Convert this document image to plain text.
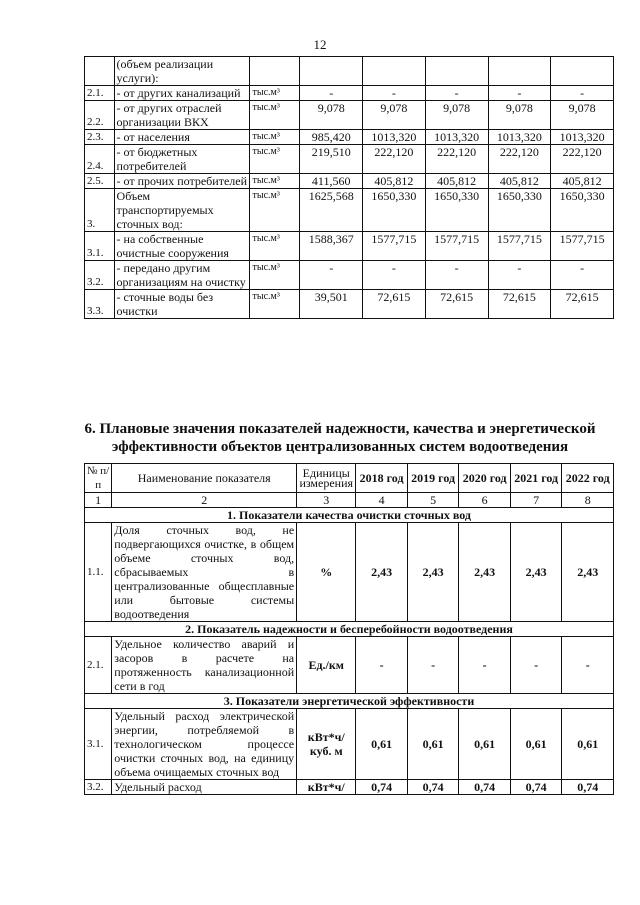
12
	(объем реализации услуги):						
2.1.	- от других канализаций	тыс.м³	-	-	-	-	-
2.2.	- от других отраслей организации ВКХ	тыс.м³	9,078	9,078	9,078	9,078	9,078
2.3.	- от населения	тыс.м³	985,420	1013,320	1013,320	1013,320	1013,320
2.4.	- от бюджетных потребителей	тыс.м³	219,510	222,120	222,120	222,120	222,120
2.5.	- от прочих потребителей	тыс.м³	411,560	405,812	405,812	405,812	405,812
3.	Объем транспортируемых сточных вод:	тыс.м³	1625,568	1650,330	1650,330	1650,330	1650,330
3.1.	- на собственные очистные сооружения	тыс.м³	1588,367	1577,715	1577,715	1577,715	1577,715
3.2.	- передано другим организациям на очистку	тыс.м³	-	-	-	-	-
3.3.	- сточные воды без очистки	тыс.м³	39,501	72,615	72,615	72,615	72,615
6. Плановые значения показателей надежности, качества и энергетической эффективности объектов централизованных систем водоотведения
№ п/п	Наименование показателя	Единицы измерения	2018 год	2019 год	2020 год	2021 год	2022 год
1	2	3	4	5	6	7	8
1. Показатели качества очистки сточных вод							
1.1.	Доля сточных вод, не подвергающихся очистке, в общем объеме сточных вод, сбрасываемых в централизованные общесплавные или бытовые системы водоотведения	%	2,43	2,43	2,43	2,43	2,43
2. Показатель надежности и бесперебойности водоотведения							
2.1.	Удельное количество аварий и засоров в расчете на протяженность канализационной сети в год	Ед./км	-	-	-	-	-
3. Показатели энергетической эффективности							
3.1.	Удельный расход электрической энергии, потребляемой в технологическом процессе очистки сточных вод, на единицу объема очищаемых сточных вод	кВт*ч/ куб. м	0,61	0,61	0,61	0,61	0,61
3.2.	Удельный расход	кВт*ч/	0,74	0,74	0,74	0,74	0,74
